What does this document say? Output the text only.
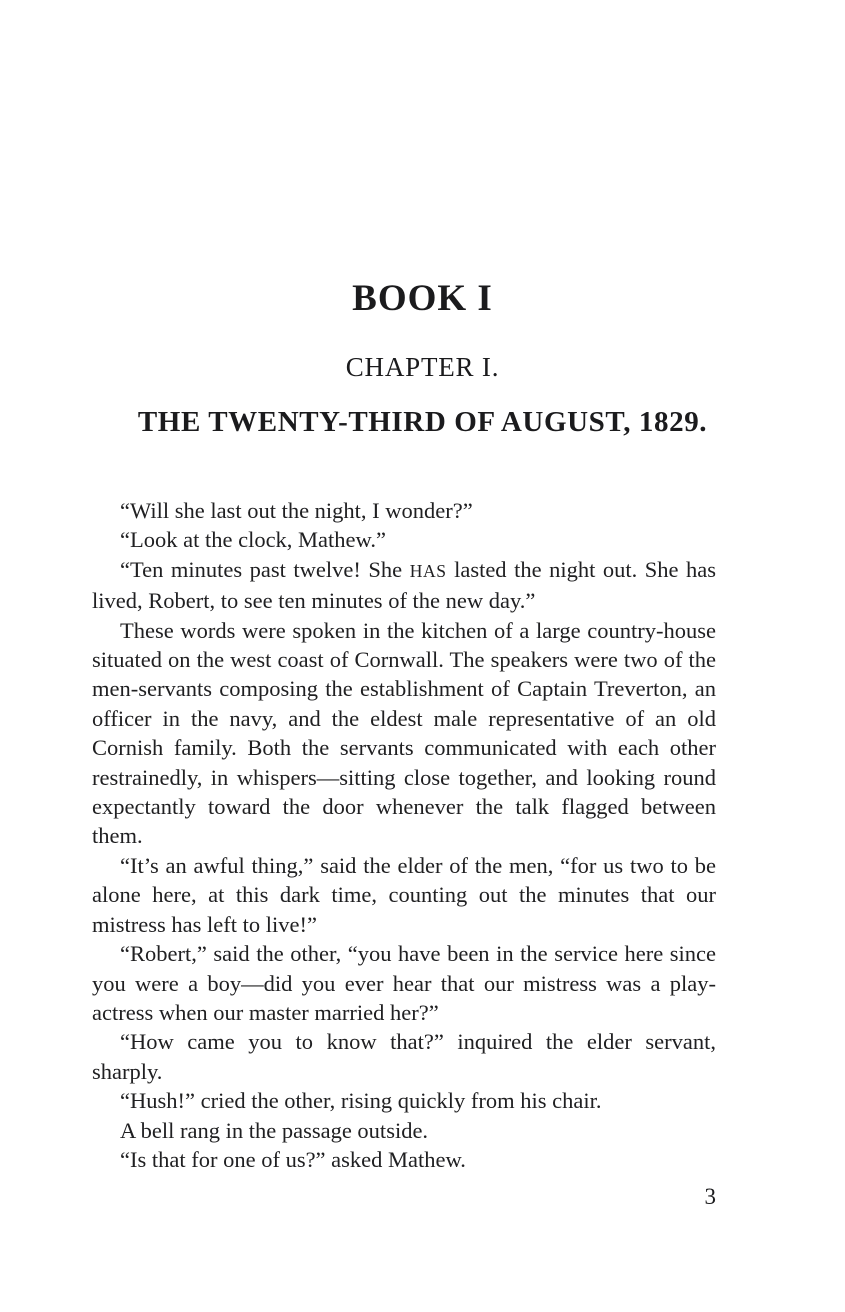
BOOK I
CHAPTER I.
THE TWENTY-THIRD OF AUGUST, 1829.

“Will she last out the night, I wonder?”

“Look at the clock, Mathew.”

“Ten minutes past twelve! She HAS lasted the night out. She has lived, Robert, to see ten minutes of the new day.”

These words were spoken in the kitchen of a large country-house situated on the west coast of Cornwall. The speakers were two of the men-servants composing the establishment of Captain Treverton, an officer in the navy, and the eldest male representative of an old Cornish family. Both the servants communicated with each other restrainedly, in whispers—sitting close together, and looking round expectantly toward the door whenever the talk flagged between them.

“It’s an awful thing,” said the elder of the men, “for us two to be alone here, at this dark time, counting out the minutes that our mistress has left to live!”

“Robert,” said the other, “you have been in the service here since you were a boy—did you ever hear that our mistress was a play-actress when our master married her?”

“How came you to know that?” inquired the elder servant, sharply.

“Hush!” cried the other, rising quickly from his chair.

A bell rang in the passage outside.

“Is that for one of us?” asked Mathew.

3
